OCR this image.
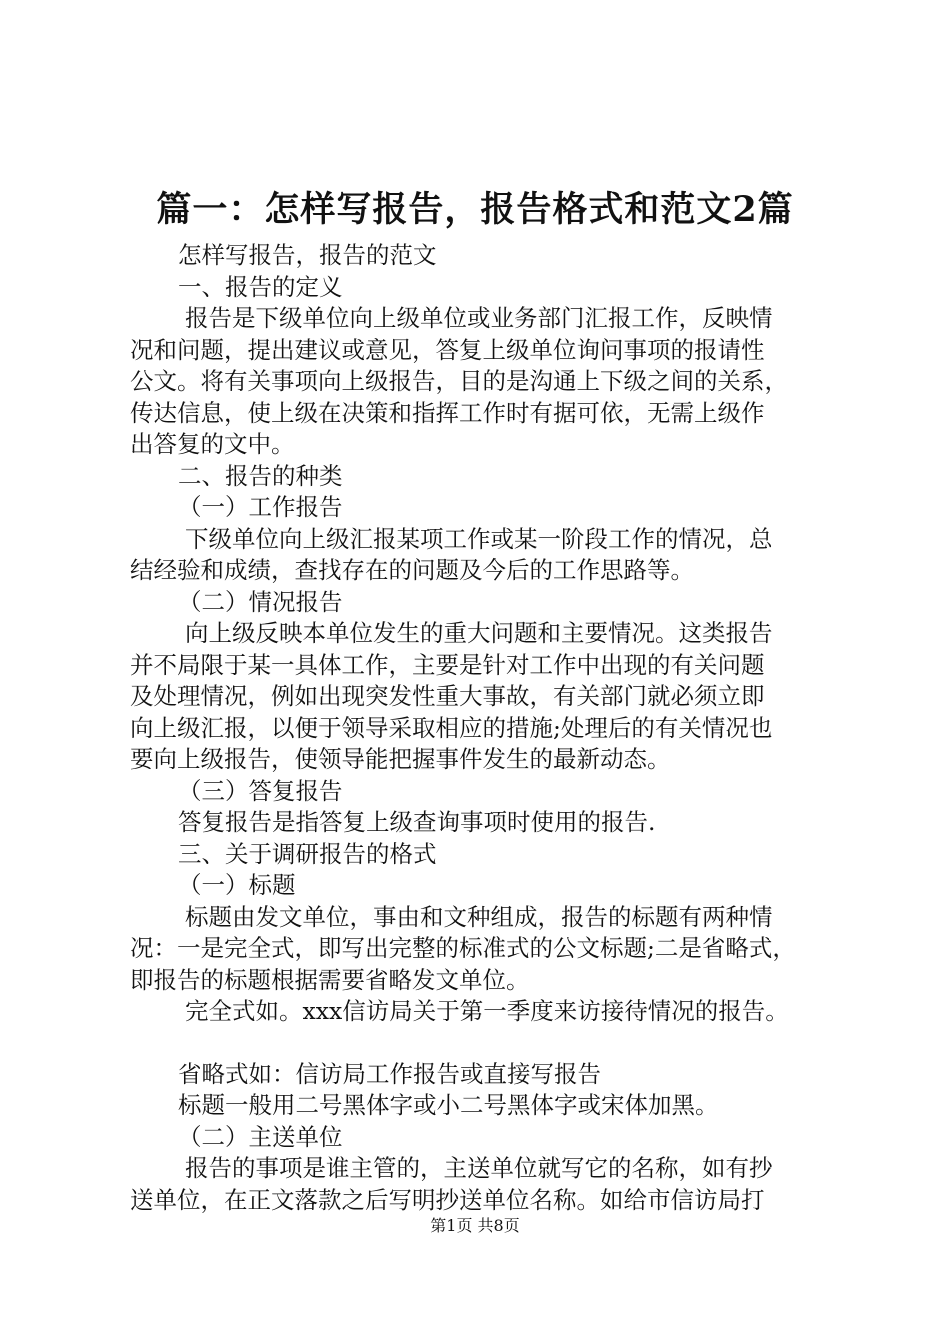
篇一：怎样写报告，报告格式和范文2篇

怎样写报告，报告的范文

一、报告的定义

报告是下级单位向上级单位或业务部门汇报工作，反映情

况和问题，提出建议或意见，答复上级单位询问事项的报请性

公文。将有关事项向上级报告，目的是沟通上下级之间的关系，

传达信息，使上级在决策和指挥工作时有据可依，无需上级作

出答复的文中。

二、报告的种类

（一）工作报告

下级单位向上级汇报某项工作或某一阶段工作的情况，总

结经验和成绩，查找存在的问题及今后的工作思路等。

（二）情况报告

向上级反映本单位发生的重大问题和主要情况。这类报告

并不局限于某一具体工作，主要是针对工作中出现的有关问题

及处理情况，例如出现突发性重大事故，有关部门就必须立即

向上级汇报，以便于领导采取相应的措施;处理后的有关情况也

要向上级报告，使领导能把握事件发生的最新动态。

（三）答复报告

答复报告是指答复上级查询事项时使用的报告.

三、关于调研报告的格式

（一）标题

标题由发文单位，事由和文种组成，报告的标题有两种情

况：一是完全式，即写出完整的标准式的公文标题;二是省略式，

即报告的标题根据需要省略发文单位。

完全式如。xxx信访局关于第一季度来访接待情况的报告。

省略式如：信访局工作报告或直接写报告

标题一般用二号黑体字或小二号黑体字或宋体加黑。

（二）主送单位

报告的事项是谁主管的，主送单位就写它的名称，如有抄

送单位，在正文落款之后写明抄送单位名称。如给市信访局打

第1页 共8页
